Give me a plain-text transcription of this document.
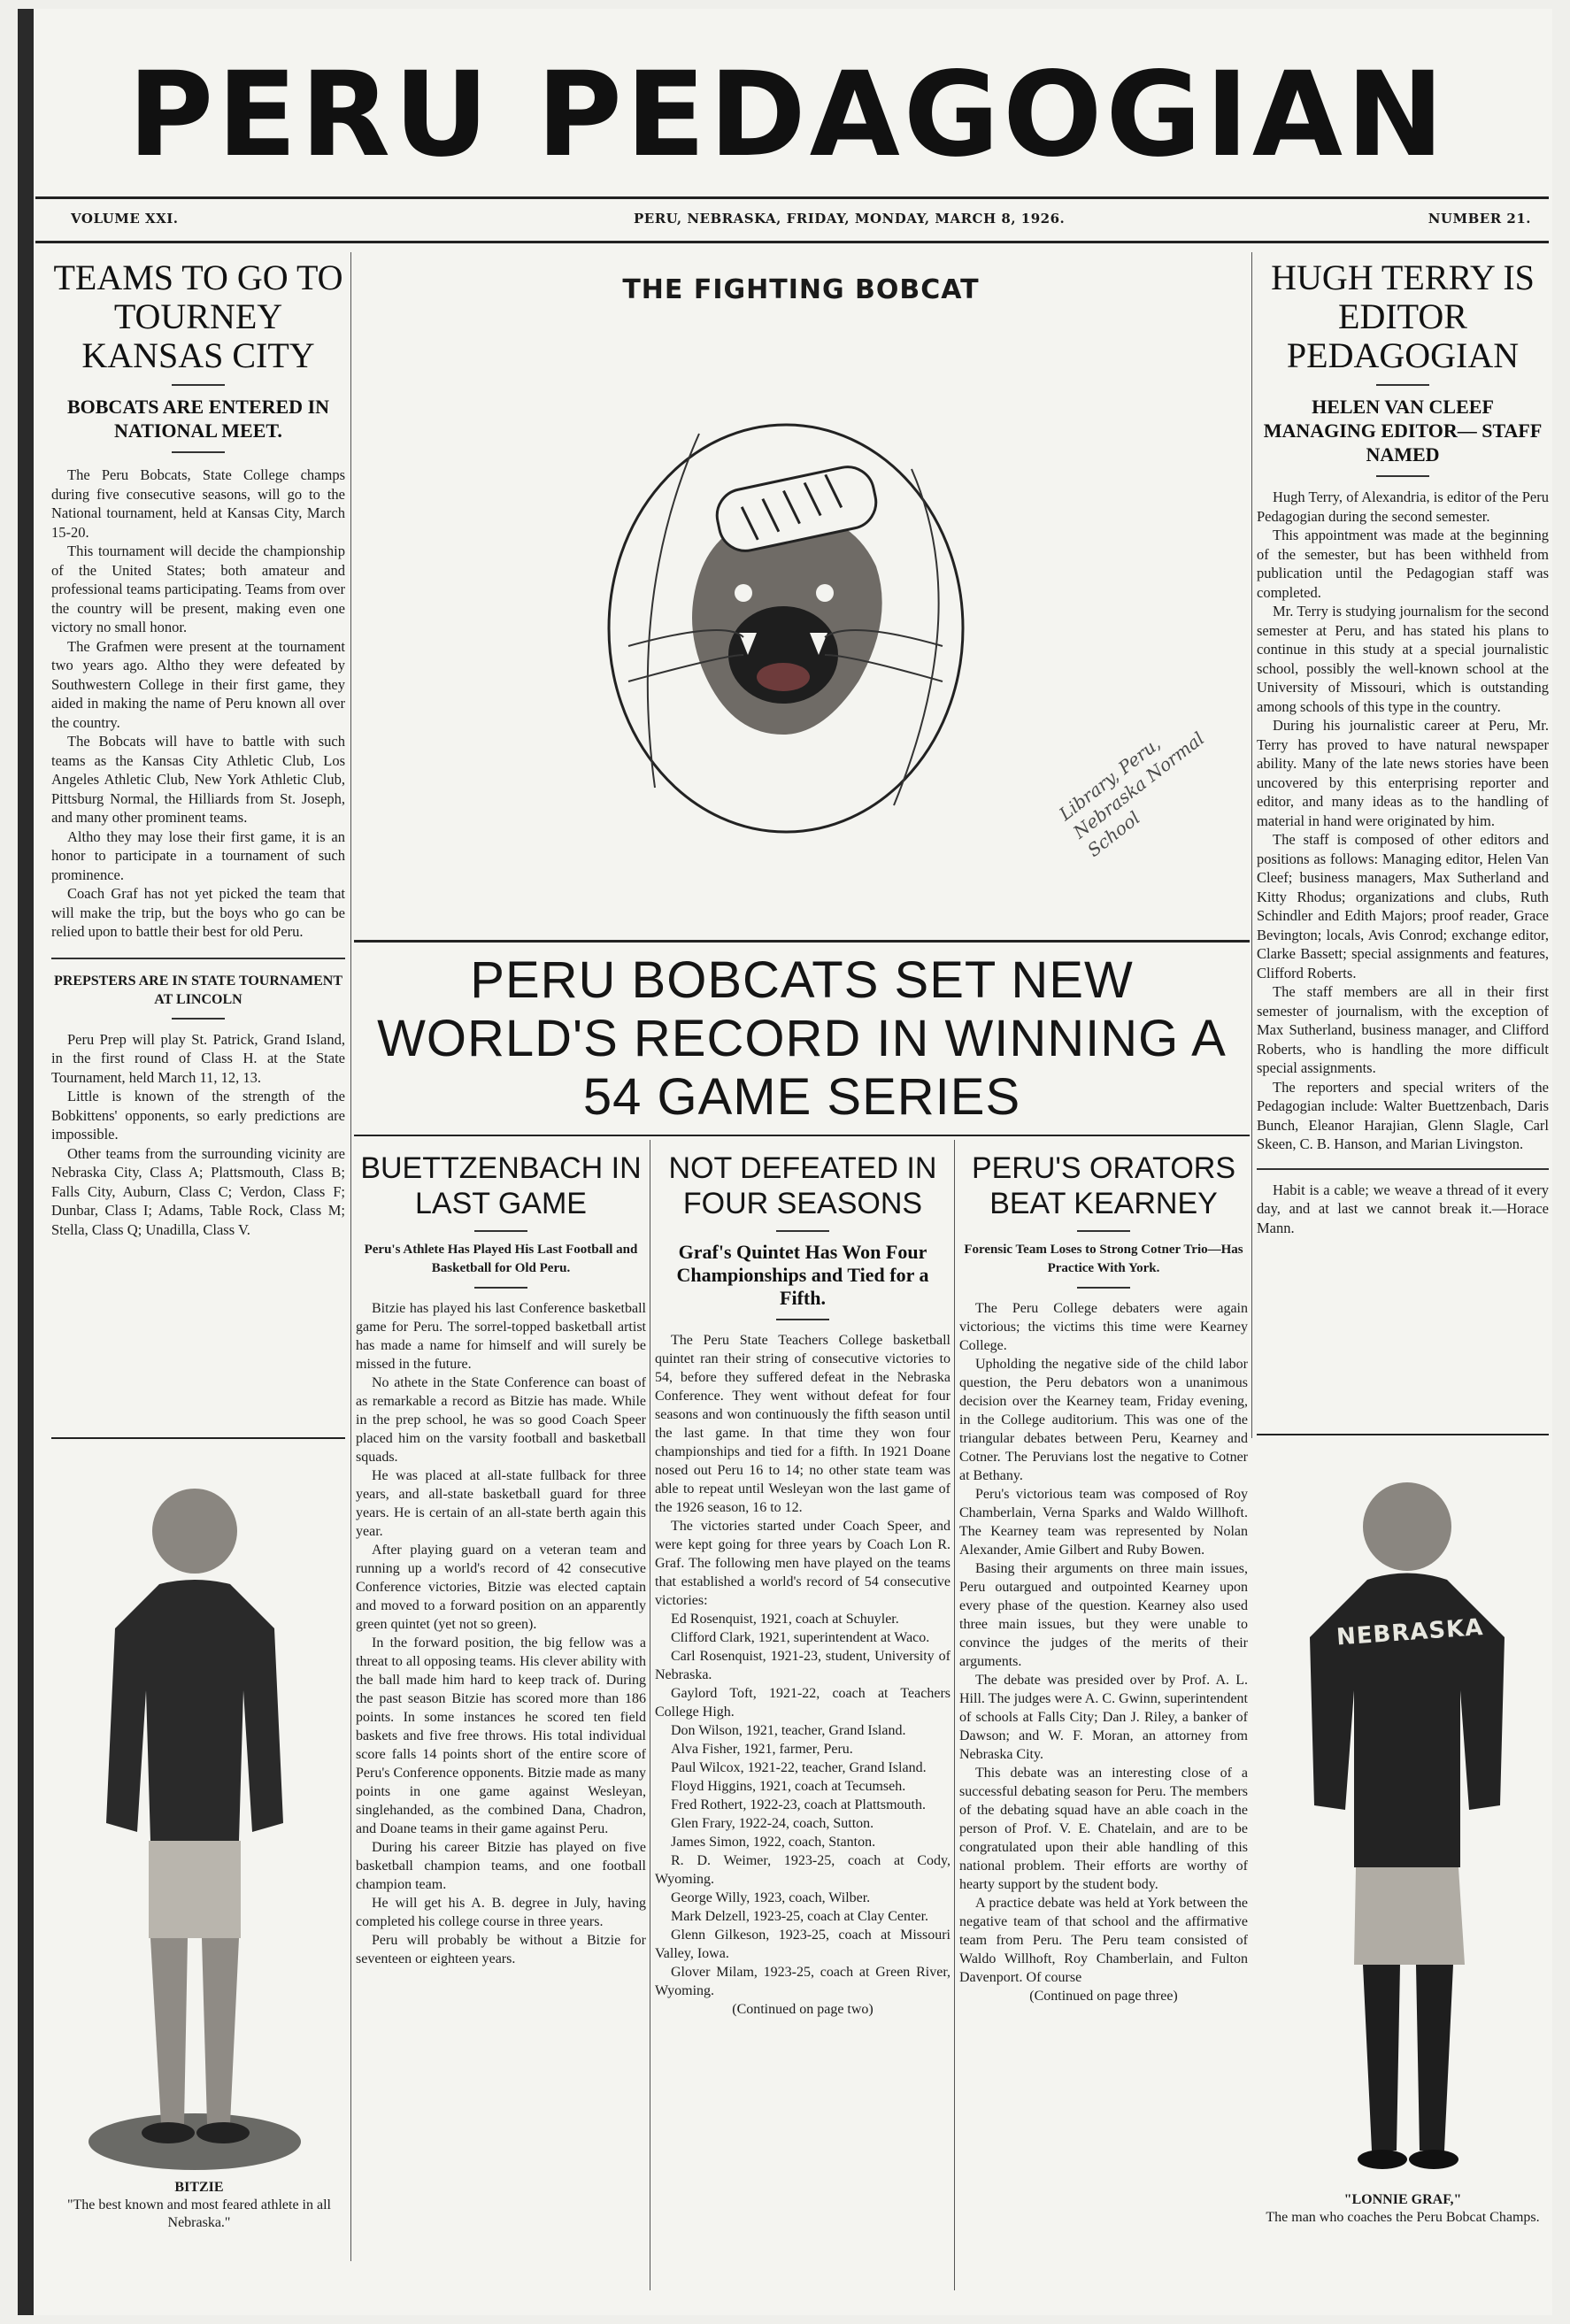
PERU PEDAGOGIAN
VOLUME XXI.	PERU, NEBRASKA, FRIDAY, MONDAY, MARCH 8, 1926.	NUMBER 21.
TEAMS TO GO TO TOURNEY KANSAS CITY
BOBCATS ARE ENTERED IN NATIONAL MEET.

The Peru Bobcats, State College champs during five consecutive seasons, will go to the National tournament, held at Kansas City, March 15-20.

This tournament will decide the championship of the United States; both amateur and professional teams participating. Teams from over the country will be present, making even one victory no small honor.

The Grafmen were present at the tournament two years ago. Altho they were defeated by Southwestern College in their first game, they aided in making the name of Peru known all over the country.

The Bobcats will have to battle with such teams as the Kansas City Athletic Club, Los Angeles Athletic Club, New York Athletic Club, Pittsburg Normal, the Hilliards from St. Joseph, and many other prominent teams.

Altho they may lose their first game, it is an honor to participate in a tournament of such prominence.

Coach Graf has not yet picked the team that will make the trip, but the boys who go can be relied upon to battle their best for old Peru.

PREPSTERS ARE IN STATE TOURNAMENT AT LINCOLN

Peru Prep will play St. Patrick, Grand Island, in the first round of Class H. at the State Tournament, held March 11, 12, 13.

Little is known of the strength of the Bobkittens' opponents, so early predictions are impossible.

Other teams from the surrounding vicinity are Nebraska City, Class A; Plattsmouth, Class B; Falls City, Auburn, Class C; Verdon, Class F; Dunbar, Class I; Adams, Table Rock, Class M; Stella, Class Q; Unadilla, Class V.

BITZIE
"The best known and most feared athlete in all Nebraska."
THE FIGHTING BOBCAT
Library, Peru, Nebraska Normal School
PERU BOBCATS SET NEW WORLD'S RECORD IN WINNING A 54 GAME SERIES
BUETTZENBACH IN LAST GAME
Peru's Athlete Has Played His Last Football and Basketball for Old Peru.

Bitzie has played his last Conference basketball game for Peru. The sorrel-topped basketball artist has made a name for himself and will surely be missed in the future.

No athete in the State Conference can boast of as remarkable a record as Bitzie has made. While in the prep school, he was so good Coach Speer placed him on the varsity football and basketball squads.

He was placed at all-state fullback for three years, and all-state basketball guard for three years. He is certain of an all-state berth again this year.

After playing guard on a veteran team and running up a world's record of 42 consecutive Conference victories, Bitzie was elected captain and moved to a forward position on an apparently green quintet (yet not so green).

In the forward position, the big fellow was a threat to all opposing teams. His clever ability with the ball made him hard to keep track of. During the past season Bitzie has scored more than 186 points. In some instances he scored ten field baskets and five free throws. His total individual score falls 14 points short of the entire score of Peru's Conference opponents. Bitzie made as many points in one game against Wesleyan, singlehanded, as the combined Dana, Chadron, and Doane teams in their game against Peru.

During his career Bitzie has played on five basketball champion teams, and one football champion team.

He will get his A. B. degree in July, having completed his college course in three years.

Peru will probably be without a Bitzie for seventeen or eighteen years.

NOT DEFEATED IN FOUR SEASONS
Graf's Quintet Has Won Four Championships and Tied for a Fifth.

The Peru State Teachers College basketball quintet ran their string of consecutive victories to 54, before they suffered defeat in the Nebraska Conference. They went without defeat for four seasons and won continuously the fifth season until the last game. In that time they won four championships and tied for a fifth. In 1921 Doane nosed out Peru 16 to 14; no other state team was able to repeat until Wesleyan won the last game of the 1926 season, 16 to 12.

The victories started under Coach Speer, and were kept going for three years by Coach Lon R. Graf. The following men have played on the teams that established a world's record of 54 consecutive victories:

Ed Rosenquist, 1921, coach at Schuyler.

Clifford Clark, 1921, superintendent at Waco.

Carl Rosenquist, 1921-23, student, University of Nebraska.

Gaylord Toft, 1921-22, coach at Teachers College High.

Don Wilson, 1921, teacher, Grand Island.

Alva Fisher, 1921, farmer, Peru.

Paul Wilcox, 1921-22, teacher, Grand Island.

Floyd Higgins, 1921, coach at Tecumseh.

Fred Rothert, 1922-23, coach at Plattsmouth.

Glen Frary, 1922-24, coach, Sutton.

James Simon, 1922, coach, Stanton.

R. D. Weimer, 1923-25, coach at Cody, Wyoming.

George Willy, 1923, coach, Wilber.

Mark Delzell, 1923-25, coach at Clay Center.

Glenn Gilkeson, 1923-25, coach at Missouri Valley, Iowa.

Glover Milam, 1923-25, coach at Green River, Wyoming.

(Continued on page two)

PERU'S ORATORS BEAT KEARNEY
Forensic Team Loses to Strong Cotner Trio—Has Practice With York.

The Peru College debaters were again victorious; the victims this time were Kearney College.

Upholding the negative side of the child labor question, the Peru debators won a unanimous decision over the Kearney team, Friday evening, in the College auditorium. This was one of the triangular debates between Peru, Kearney and Cotner. The Peruvians lost the negative to Cotner at Bethany.

Peru's victorious team was composed of Roy Chamberlain, Verna Sparks and Waldo Willhoft. The Kearney team was represented by Nolan Alexander, Amie Gilbert and Ruby Bowen.

Basing their arguments on three main issues, Peru outargued and outpointed Kearney upon every phase of the question. Kearney also used three main issues, but they were unable to convince the judges of the merits of their arguments.

The debate was presided over by Prof. A. L. Hill. The judges were A. C. Gwinn, superintendent of schools at Falls City; Dan J. Riley, a banker of Dawson; and W. F. Moran, an attorney from Nebraska City.

This debate was an interesting close of a successful debating season for Peru. The members of the debating squad have an able coach in the person of Prof. V. E. Chatelain, and are to be congratulated upon their able handling of this national problem. Their efforts are worthy of hearty support by the student body.

A practice debate was held at York between the negative team of that school and the affirmative team from Peru. The Peru team consisted of Waldo Willhoft, Roy Chamberlain, and Fulton Davenport. Of course

(Continued on page three)

HUGH TERRY IS EDITOR PEDAGOGIAN
HELEN VAN CLEEF MANAGING EDITOR— STAFF NAMED

Hugh Terry, of Alexandria, is editor of the Peru Pedagogian during the second semester.

This appointment was made at the beginning of the semester, but has been withheld from publication until the Pedagogian staff was completed.

Mr. Terry is studying journalism for the second semester at Peru, and has stated his plans to continue in this study at a special journalistic school, possibly the well-known school at the University of Missouri, which is outstanding among schools of this type in the country.

During his journalistic career at Peru, Mr. Terry has proved to have natural newspaper ability. Many of the late news stories have been uncovered by this enterprising reporter and editor, and many ideas as to the handling of material in hand were originated by him.

The staff is composed of other editors and positions as follows: Managing editor, Helen Van Cleef; business managers, Max Sutherland and Kitty Rhodus; organizations and clubs, Ruth Schindler and Edith Majors; proof reader, Grace Bevington; locals, Avis Conrod; exchange editor, Clarke Bassett; special assignments and features, Clifford Roberts.

The staff members are all in their first semester of journalism, with the exception of Max Sutherland, business manager, and Clifford Roberts, who is handling the more difficult special assignments.

The reporters and special writers of the Pedagogian include: Walter Buettzenbach, Daris Bunch, Eleanor Harajian, Glenn Slagle, Carl Skeen, C. B. Hanson, and Marian Livingston.

Habit is a cable; we weave a thread of it every day, and at last we cannot break it.—Horace Mann.

NEBRASKA
"LONNIE GRAF,"
The man who coaches the Peru Bobcat Champs.
